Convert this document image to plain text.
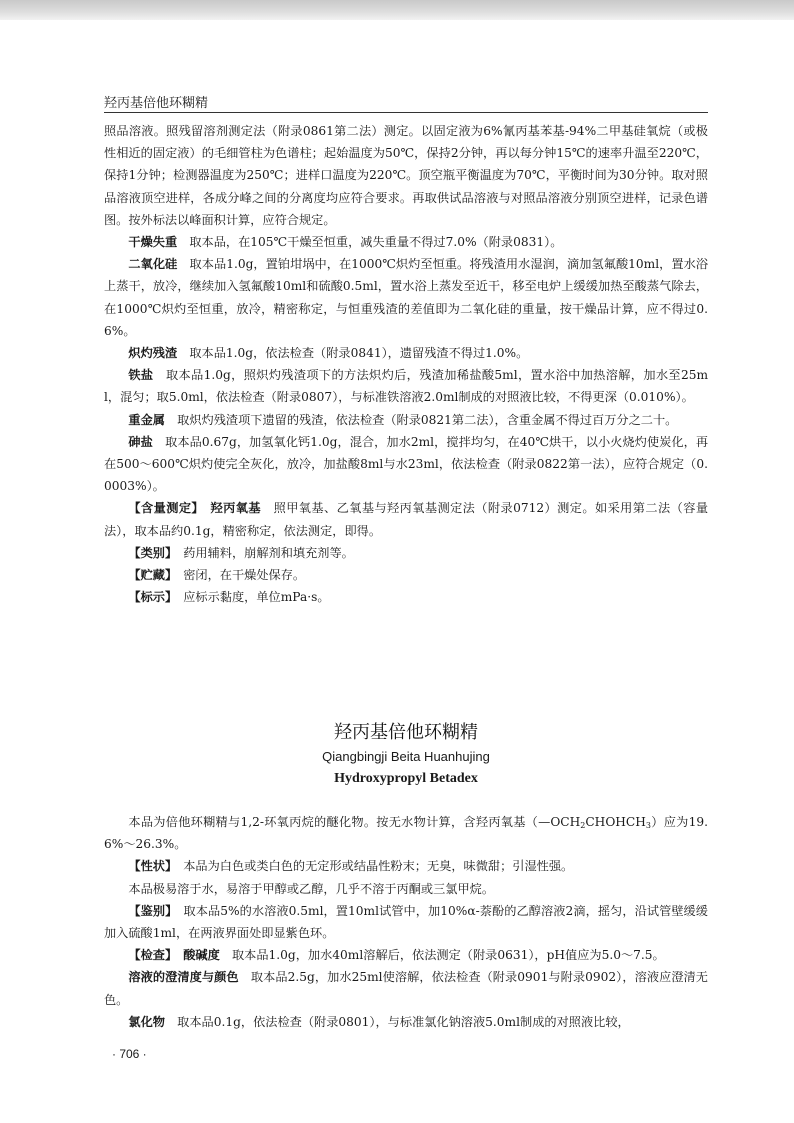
羟丙基倍他环糊精

照品溶液。照残留溶剂测定法（附录0861第二法）测定。以固定液为6%氰丙基苯基-94%二甲基硅氧烷（或极性相近的固定液）的毛细管柱为色谱柱；起始温度为50℃，保持2分钟，再以每分钟15℃的速率升温至220℃，保持1分钟；检测器温度为250℃；进样口温度为220℃。顶空瓶平衡温度为70℃，平衡时间为30分钟。取对照品溶液顶空进样，各成分峰之间的分离度均应符合要求。再取供试品溶液与对照品溶液分别顶空进样，记录色谱图。按外标法以峰面积计算，应符合规定。

干燥失重　 取本品，在105℃干燥至恒重，减失重量不得过7.0%（附录0831）。

二氧化硅　 取本品1.0g，置铂坩埚中，在1000℃炽灼至恒重。将残渣用水湿润，滴加氢氟酸10ml，置水浴上蒸干，放冷，继续加入氢氟酸10ml和硫酸0.5ml，置水浴上蒸发至近干，移至电炉上缓缓加热至酸蒸气除去，在1000℃炽灼至恒重，放冷，精密称定，与恒重残渣的差值即为二氧化硅的重量，按干燥品计算，应不得过0.6%。

炽灼残渣　 取本品1.0g，依法检查（附录0841），遗留残渣不得过1.0%。

铁盐　 取本品1.0g，照炽灼残渣项下的方法炽灼后，残渣加稀盐酸5ml，置水浴中加热溶解，加水至25ml，混匀；取5.0ml，依法检查（附录0807），与标准铁溶液2.0ml制成的对照液比较，不得更深（0.010%）。

重金属　 取炽灼残渣项下遗留的残渣，依法检查（附录0821第二法），含重金属不得过百万分之二十。

砷盐　 取本品0.67g，加氢氧化钙1.0g，混合，加水2ml，搅拌均匀，在40℃烘干，以小火烧灼使炭化，再在500～600℃炽灼使完全灰化，放冷，加盐酸8ml与水23ml，依法检查（附录0822第一法），应符合规定（0.0003%）。

【含量测定】　 羟丙氧基　 照甲氧基、乙氧基与羟丙氧基测定法（附录0712）测定。如采用第二法（容量法），取本品约0.1g，精密称定，依法测定，即得。

【类别】　 药用辅料，崩解剂和填充剂等。

【贮藏】　 密闭，在干燥处保存。

【标示】　 应标示黏度，单位mPa·s。

羟丙基倍他环糊精
Qiangbingji Beita Huanhujing
Hydroxypropyl Betadex

本品为倍他环糊精与1,2-环氧丙烷的醚化物。按无水物计算，含羟丙氧基$(—OCH_2CHOHCH_3)$应为19.6%～26.3%。

【性状】　 本品为白色或类白色的无定形或结晶性粉末；无臭，味微甜；引湿性强。

本品极易溶于水，易溶于甲醇或乙醇，几乎不溶于丙酮或三氯甲烷。

【鉴别】　 取本品5%的水溶液0.5ml，置10ml试管中，加10%α-萘酚的乙醇溶液2滴，摇匀，沿试管壁缓缓加入硫酸1ml，在两液界面处即显紫色环。

【检查】　 酸碱度　 取本品1.0g，加水40ml溶解后，依法测定（附录0631），pH值应为5.0～7.5。

溶液的澄清度与颜色　 取本品2.5g，加水25ml使溶解，依法检查（附录0901与附录0902），溶液应澄清无色。

氯化物　 取本品0.1g，依法检查（附录0801），与标准氯化钠溶液5.0ml制成的对照液比较，

· 706 ·
